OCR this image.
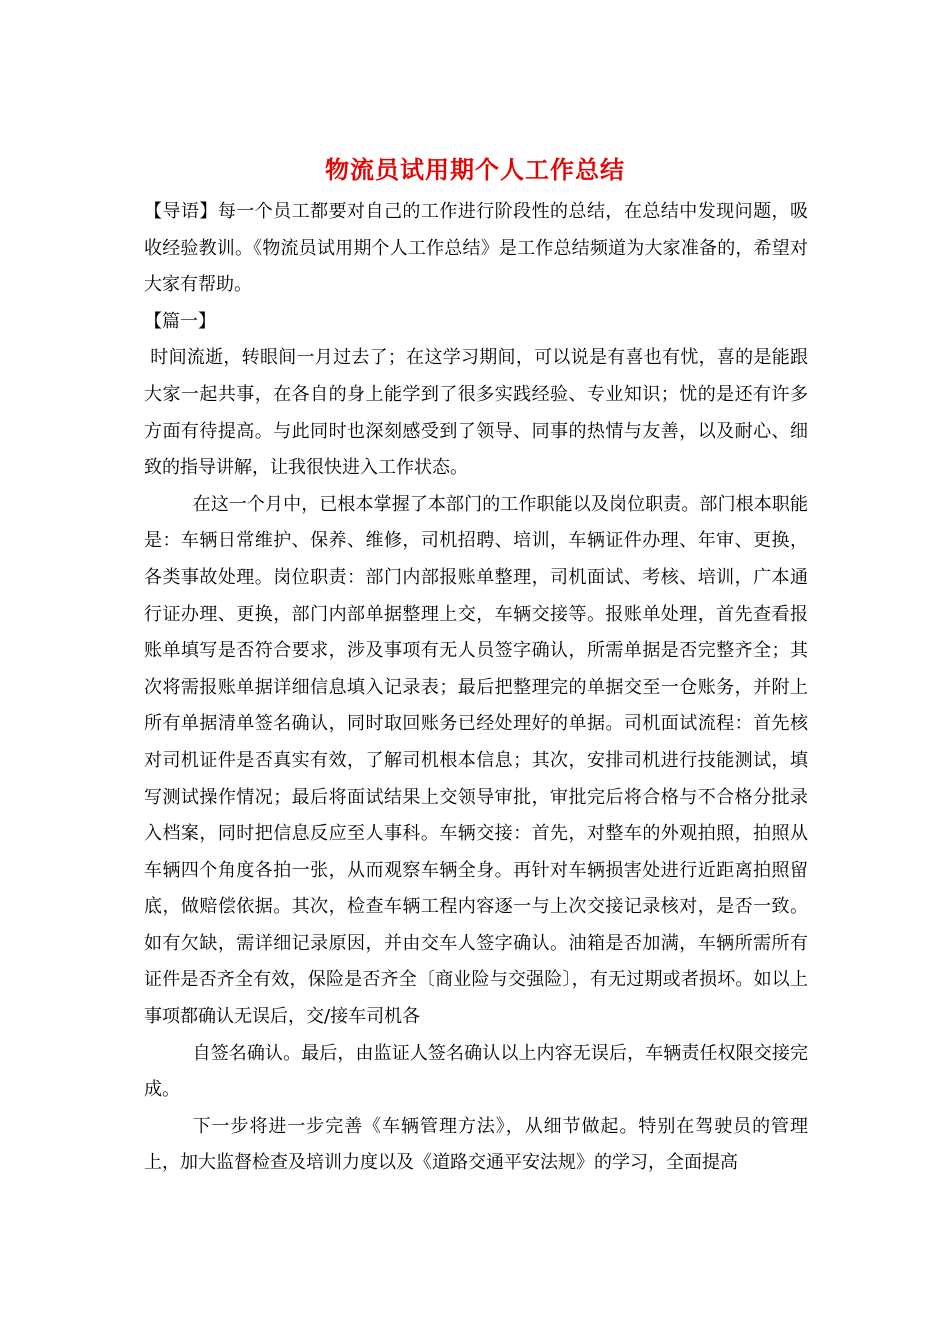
物流员试用期个人工作总结

【导语】每一个员工都要对自己的工作进行阶段性的总结，在总结中发现问题，吸收经验教训。《物流员试用期个人工作总结》是工作总结频道为大家准备的，希望对大家有帮助。

【篇一】

时间流逝，转眼间一月过去了；在这学习期间，可以说是有喜也有忧，喜的是能跟大家一起共事，在各自的身上能学到了很多实践经验、专业知识；忧的是还有许多方面有待提高。与此同时也深刻感受到了领导、同事的热情与友善，以及耐心、细致的指导讲解，让我很快进入工作状态。

在这一个月中，已根本掌握了本部门的工作职能以及岗位职责。部门根本职能是：车辆日常维护、保养、维修，司机招聘、培训，车辆证件办理、年审、更换，各类事故处理。岗位职责：部门内部报账单整理，司机面试、考核、培训，广本通行证办理、更换，部门内部单据整理上交，车辆交接等。报账单处理，首先查看报账单填写是否符合要求，涉及事项有无人员签字确认，所需单据是否完整齐全；其次将需报账单据详细信息填入记录表；最后把整理完的单据交至一仓账务，并附上所有单据清单签名确认，同时取回账务已经处理好的单据。司机面试流程：首先核对司机证件是否真实有效，了解司机根本信息；其次，安排司机进行技能测试，填写测试操作情况；最后将面试结果上交领导审批，审批完后将合格与不合格分批录入档案，同时把信息反应至人事科。车辆交接：首先，对整车的外观拍照，拍照从车辆四个角度各拍一张，从而观察车辆全身。再针对车辆损害处进行近距离拍照留底，做赔偿依据。其次，检查车辆工程内容逐一与上次交接记录核对，是否一致。如有欠缺，需详细记录原因，并由交车人签字确认。油箱是否加满，车辆所需所有证件是否齐全有效，保险是否齐全〔商业险与交强险〕，有无过期或者损坏。如以上事项都确认无误后，交/接车司机各

自签名确认。最后，由监证人签名确认以上内容无误后，车辆责任权限交接完成。

下一步将进一步完善《车辆管理方法》，从细节做起。特别在驾驶员的管理上，加大监督检查及培训力度以及《道路交通平安法规》的学习，全面提高
